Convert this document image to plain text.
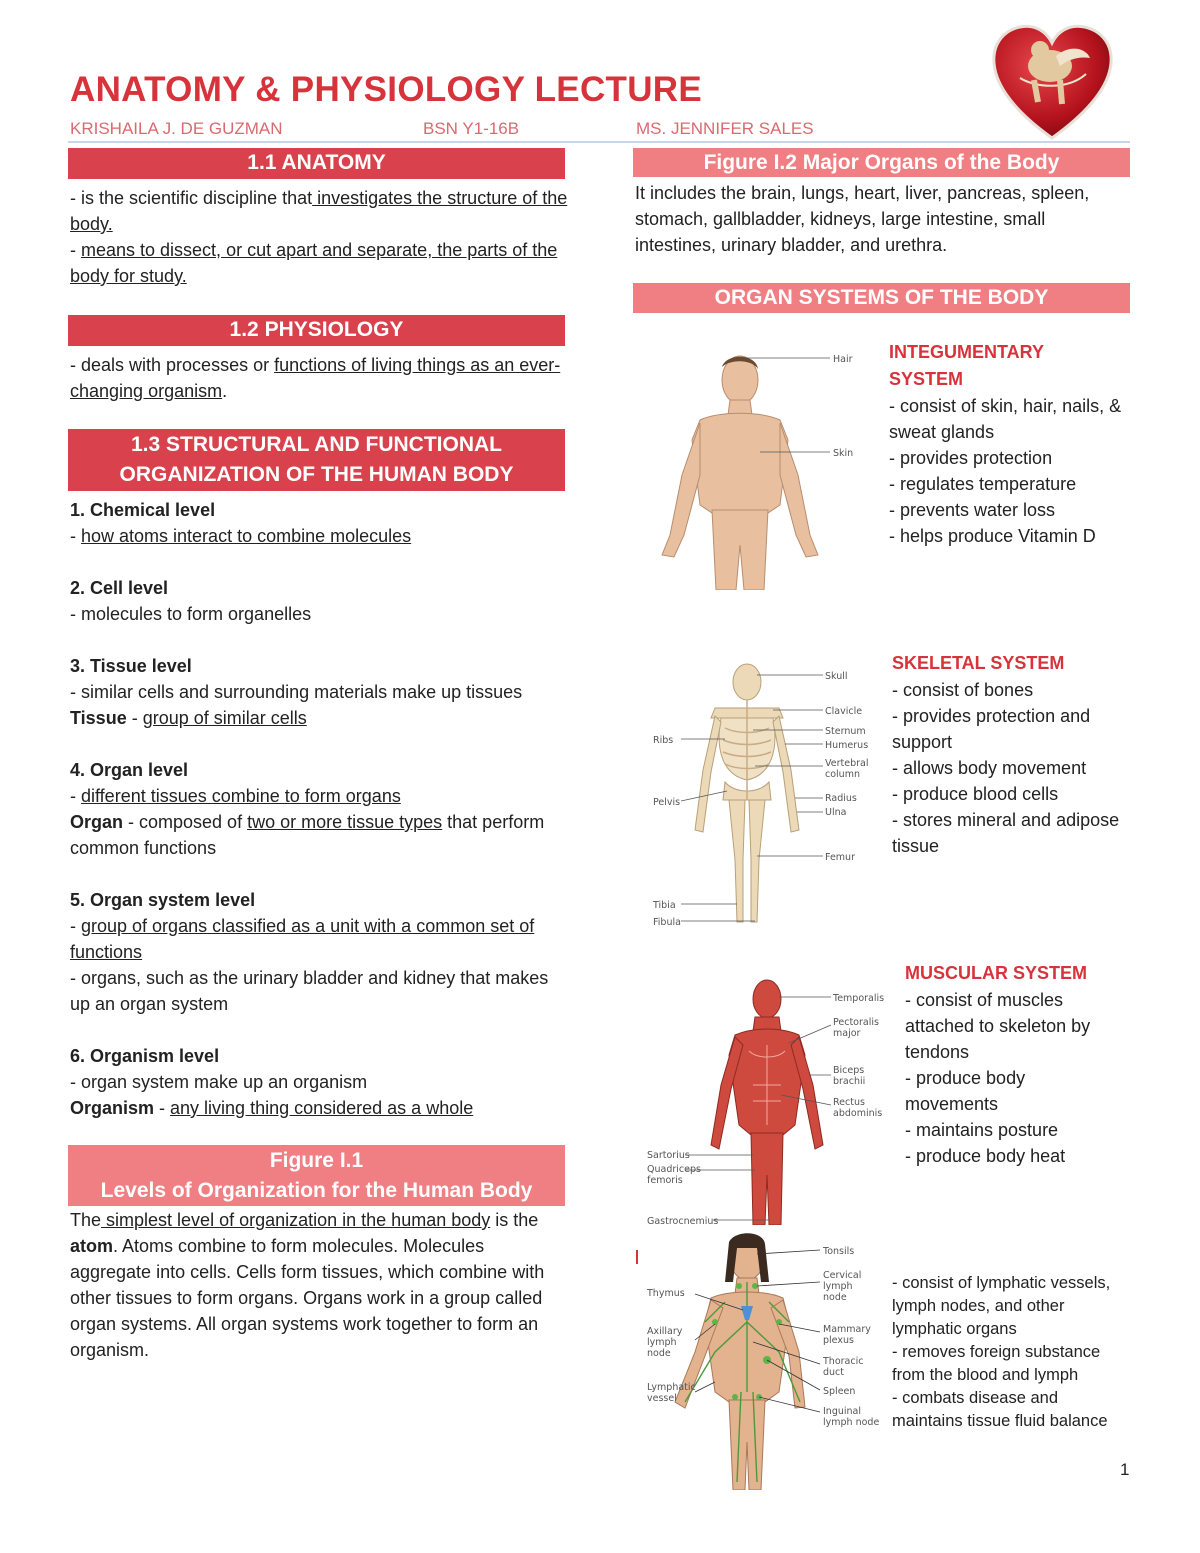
ANATOMY & PHYSIOLOGY LECTURE
KRISHAILA J. DE GUZMAN	BSN Y1-16B	MS. JENNIFER SALES
1.1 ANATOMY

- is the scientific discipline that investigates the structure of the body.

- means to dissect, or cut apart and separate, the parts of the body for study.

1.2 PHYSIOLOGY

- deals with processes or functions of living things as an ever-changing organism.

1.3 STRUCTURAL AND FUNCTIONAL
ORGANIZATION OF THE HUMAN BODY

1. Chemical level

- how atoms interact to combine molecules

2. Cell level

- molecules to form organelles

3. Tissue level

- similar cells and surrounding materials make up tissues

Tissue - group of similar cells

4. Organ level

- different tissues combine to form organs

Organ - composed of two or more tissue types that perform common functions

5. Organ system level

- group of organs classified as a unit with a common set of functions

- organs, such as the urinary bladder and kidney that makes up an organ system

6. Organism level

- organ system make up an organism

Organism - any living thing considered as a whole

Figure I.1
Levels of Organization for the Human Body

The simplest level of organization in the human body is the atom. Atoms combine to form molecules. Molecules aggregate into cells. Cells form tissues, which combine with other tissues to form organs. Organs work in a group called organ systems. All organ systems work together to form an organism.

Figure I.2 Major Organs of the Body
It includes the brain, lungs, heart, liver, pancreas, spleen, stomach, gallbladder, kidneys, large intestine, small intestines, urinary bladder, and urethra.
ORGAN SYSTEMS OF THE BODY
Hair
Skin
INTEGUMENTARY
SYSTEM
- consist of skin, hair, nails, & sweat glands
- provides protection
- regulates temperature
- prevents water loss
- helps produce Vitamin D
Skull
Clavicle
Sternum
Humerus
Vertebral
column
Radius
Ulna
Femur
Ribs
Pelvis
Tibia
Fibula
SKELETAL SYSTEM
- consist of bones
- provides protection and support
- allows body movement
- produce blood cells
- stores mineral and adipose tissue
Temporalis
Pectoralis
major
Biceps
brachii
Rectus
abdominis
Sartorius
Quadriceps
femoris
Gastrocnemius
MUSCULAR SYSTEM
- consist of muscles attached to skeleton by tendons
- produce body movements
- maintains posture
- produce body heat
Tonsils
Cervical
lymph
node
Thymus
Axillary
lymph
node
Mammary
plexus
Thoracic
duct
Spleen
Lymphatic
vessel
Inguinal
lymph node
- consist of lymphatic vessels, lymph nodes, and other lymphatic organs
- removes foreign substance from the blood and lymph
- combats disease and maintains tissue fluid balance
1
